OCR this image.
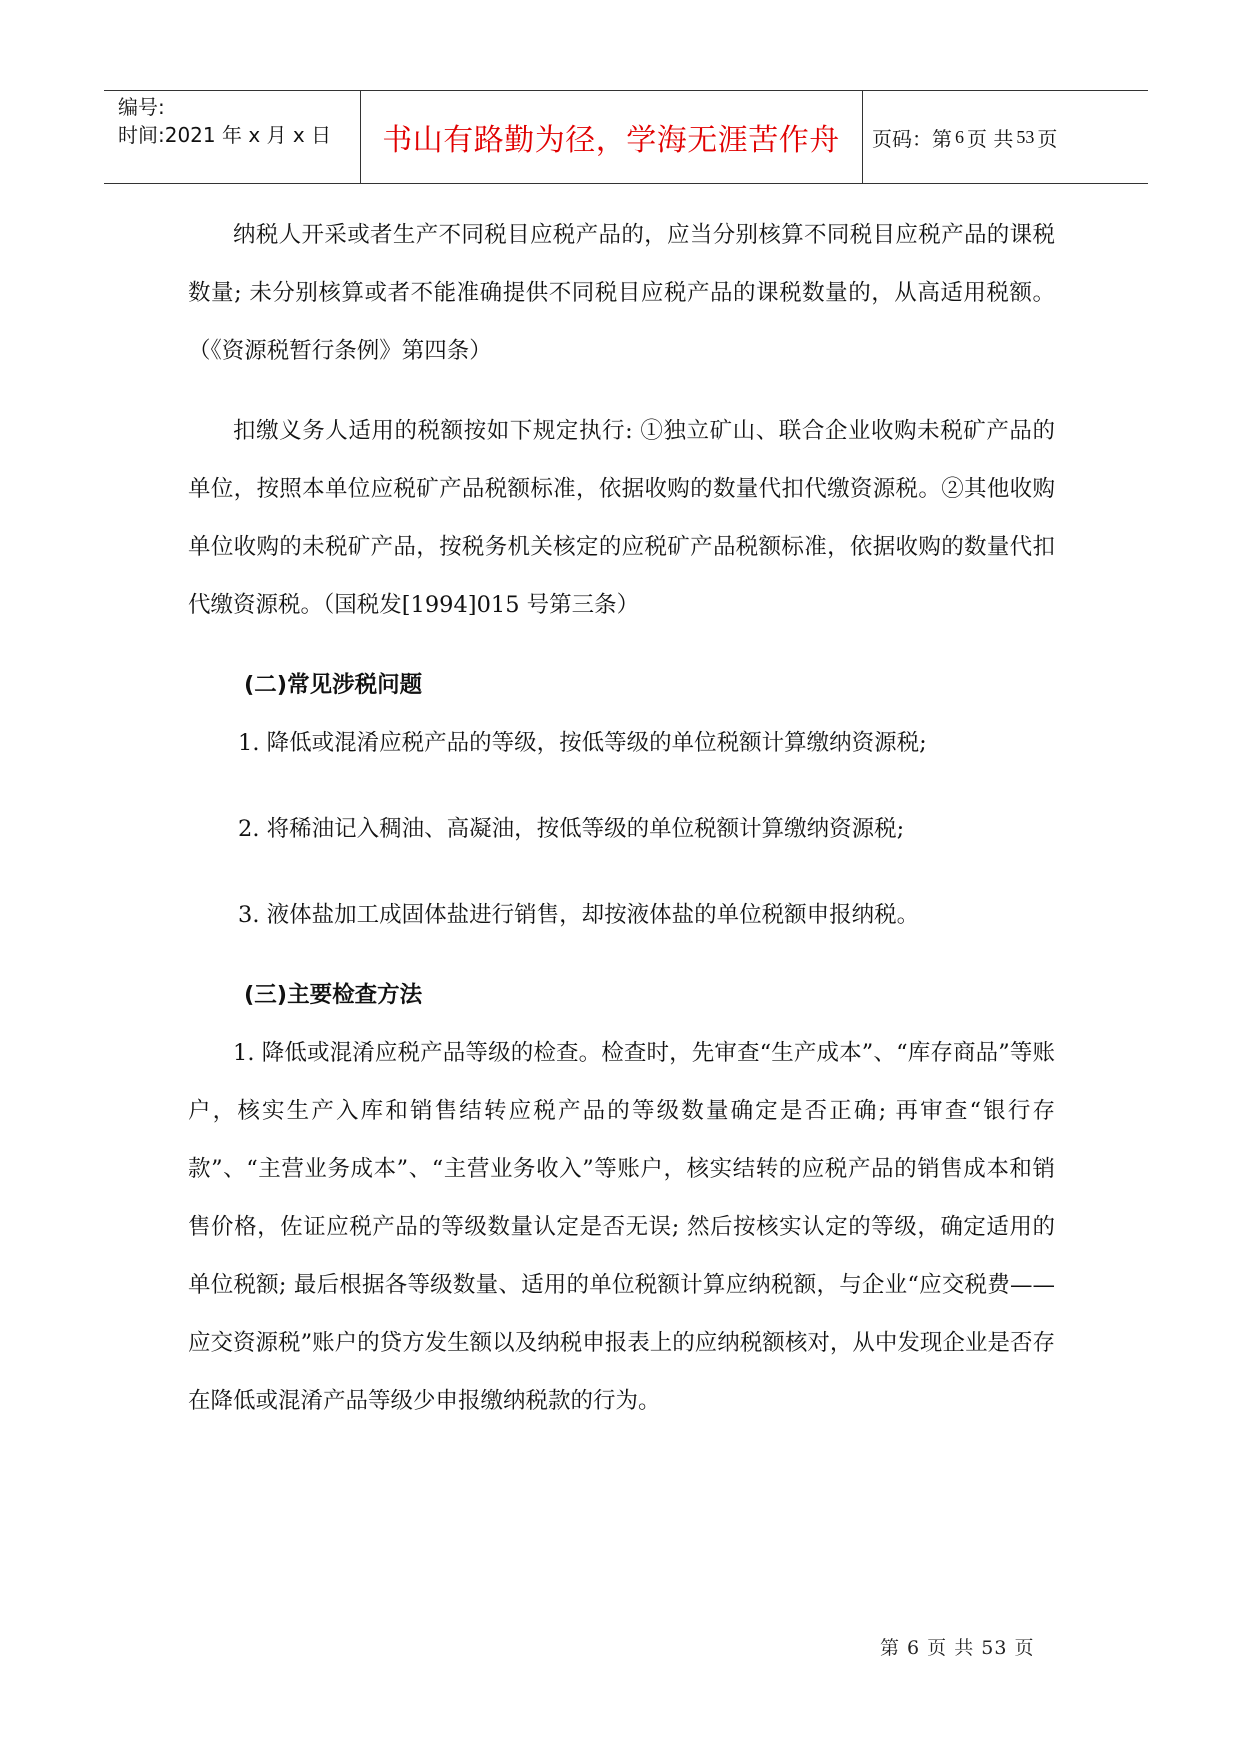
编号:
时间:2021 年 x 月 x 日	书山有路勤为径，学海无涯苦作舟	页码：第 6 页 共 53 页

纳税人开采或者生产不同税目应税产品的，应当分别核算不同税目应税产品的课税数量; 未分别核算或者不能准确提供不同税目应税产品的课税数量的，从高适用税额。（《资源税暂行条例》第四条）

扣缴义务人适用的税额按如下规定执行: ①独立矿山、联合企业收购未税矿产品的单位，按照本单位应税矿产品税额标准，依据收购的数量代扣代缴资源税。②其他收购单位收购的未税矿产品，按税务机关核定的应税矿产品税额标准，依据收购的数量代扣代缴资源税。（国税发[1994]015 号第三条）

(二)常见涉税问题

1. 降低或混淆应税产品的等级，按低等级的单位税额计算缴纳资源税;

2. 将稀油记入稠油、高凝油，按低等级的单位税额计算缴纳资源税;

3. 液体盐加工成固体盐进行销售，却按液体盐的单位税额申报纳税。

(三)主要检查方法

1. 降低或混淆应税产品等级的检查。检查时，先审查“生产成本”、“库存商品”等账户，核实生产入库和销售结转应税产品的等级数量确定是否正确; 再审查“银行存款”、“主营业务成本”、“主营业务收入”等账户，核实结转的应税产品的销售成本和销售价格，佐证应税产品的等级数量认定是否无误; 然后按核实认定的等级，确定适用的单位税额; 最后根据各等级数量、适用的单位税额计算应纳税额，与企业“应交税费——应交资源税”账户的贷方发生额以及纳税申报表上的应纳税额核对，从中发现企业是否存在降低或混淆产品等级少申报缴纳税款的行为。

第 6 页 共 53 页
